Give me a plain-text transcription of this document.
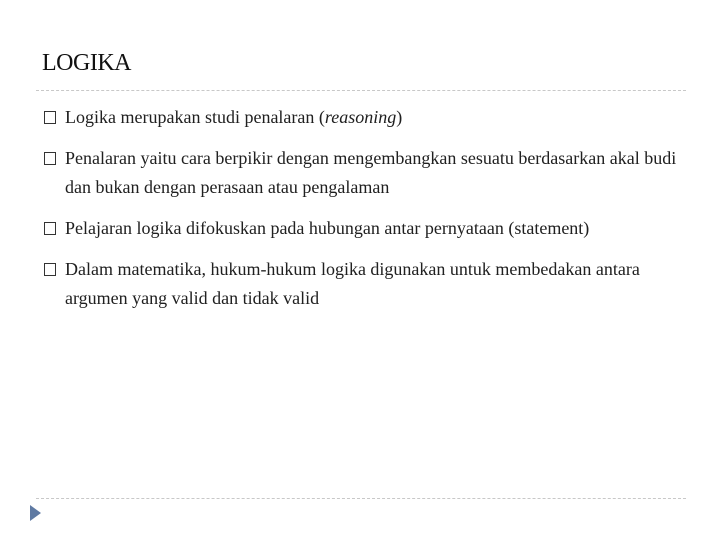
LOGIKA
Logika merupakan studi penalaran (reasoning)
Penalaran yaitu cara berpikir dengan mengembangkan sesuatu berdasarkan akal budi dan bukan dengan perasaan atau pengalaman
Pelajaran logika difokuskan pada hubungan antar pernyataan (statement)
Dalam matematika, hukum-hukum logika digunakan untuk membedakan antara argumen yang valid dan tidak valid
